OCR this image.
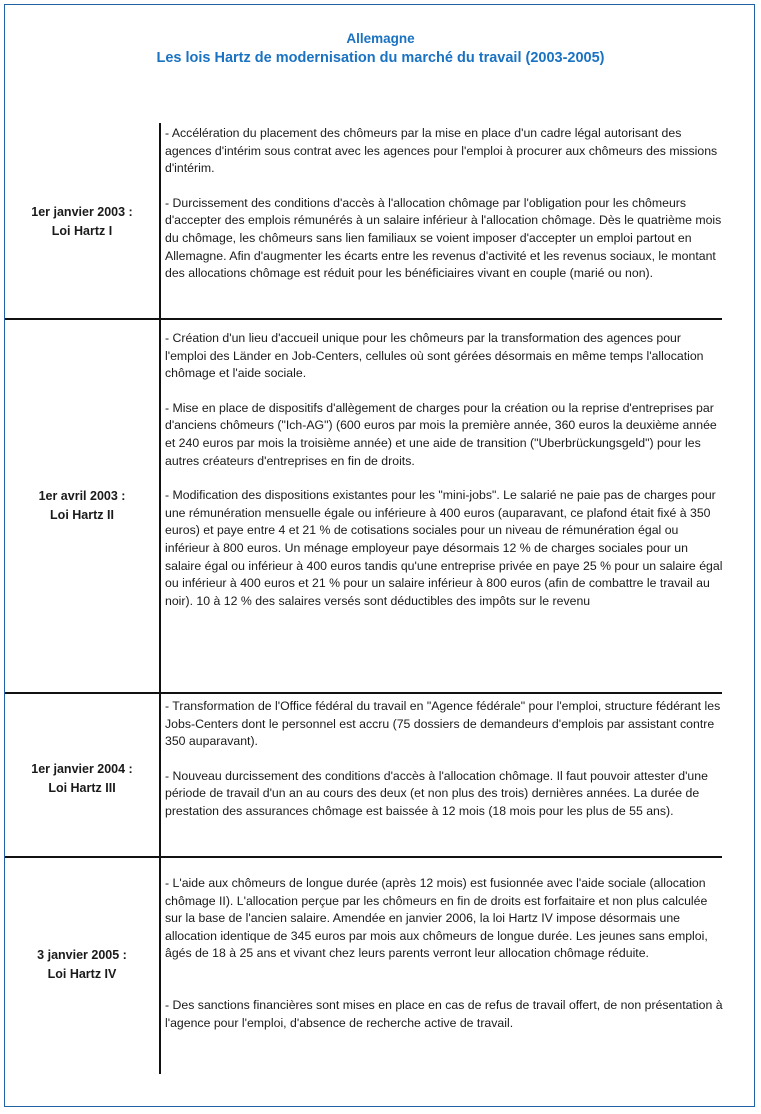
Allemagne
Les lois Hartz de modernisation du marché du travail (2003-2005)
1er janvier 2003 :
Loi Hartz I

- Accélération du placement des chômeurs par la mise en place d'un cadre légal autorisant des agences d'intérim sous contrat avec les agences pour l'emploi à procurer aux chômeurs des missions d'intérim.

- Durcissement des conditions d'accès à l'allocation chômage par l'obligation pour les chômeurs d'accepter des emplois rémunérés à un salaire inférieur à l'allocation chômage. Dès le quatrième mois du chômage, les chômeurs sans lien familiaux se voient imposer d'accepter un emploi partout en Allemagne. Afin d'augmenter les écarts entre les revenus d'activité et les revenus sociaux, le montant des allocations chômage est réduit pour les bénéficiaires vivant en couple (marié ou non).

1er avril 2003 :
Loi Hartz II

- Création d'un lieu d'accueil unique pour les chômeurs par la transformation des agences pour l'emploi des Länder en Job-Centers, cellules où sont gérées désormais en même temps l'allocation chômage et l'aide sociale.

- Mise en place de dispositifs d'allègement de charges pour la création ou la reprise d'entreprises par d'anciens chômeurs ("Ich-AG") (600 euros par mois la première année, 360 euros la deuxième année et 240 euros par mois la troisième année) et une aide de transition ("Uberbrückungsgeld") pour les autres créateurs d'entreprises en fin de droits.

- Modification des dispositions existantes pour les "mini-jobs". Le salarié ne paie pas de charges pour une rémunération mensuelle égale ou inférieure à 400 euros (auparavant, ce plafond était fixé à 350 euros) et paye entre 4 et 21 % de cotisations sociales pour un niveau de rémunération égal ou inférieur à 800 euros. Un ménage employeur paye désormais 12 % de charges sociales pour un salaire égal ou inférieur à 400 euros tandis qu'une entreprise privée en paye 25 % pour un salaire égal ou inférieur à 400 euros et 21 % pour un salaire inférieur à 800 euros (afin de combattre le travail au noir). 10 à 12 % des salaires versés sont déductibles des impôts sur le revenu

1er janvier 2004 :
Loi Hartz III

- Transformation de l'Office fédéral du travail en "Agence fédérale" pour l'emploi, structure fédérant les Jobs-Centers dont le personnel est accru (75 dossiers de demandeurs d'emplois par assistant contre 350 auparavant).

- Nouveau durcissement des conditions d'accès à l'allocation chômage. Il faut pouvoir attester d'une période de travail d'un an au cours des deux (et non plus des trois) dernières années. La durée de prestation des assurances chômage est baissée à 12 mois (18 mois pour les plus de 55 ans).

3 janvier 2005 :
Loi Hartz IV

- L'aide aux chômeurs de longue durée (après 12 mois) est fusionnée avec l'aide sociale (allocation chômage II). L'allocation perçue par les chômeurs en fin de droits est forfaitaire et non plus calculée sur la base de l'ancien salaire. Amendée en janvier 2006, la loi Hartz IV impose désormais une allocation identique de 345 euros par mois aux chômeurs de longue durée. Les jeunes sans emploi, âgés de 18 à 25 ans et vivant chez leurs parents verront leur allocation chômage réduite.

- Des sanctions financières sont mises en place en cas de refus de travail offert, de non présentation à l'agence pour l'emploi, d'absence de recherche active de travail.
